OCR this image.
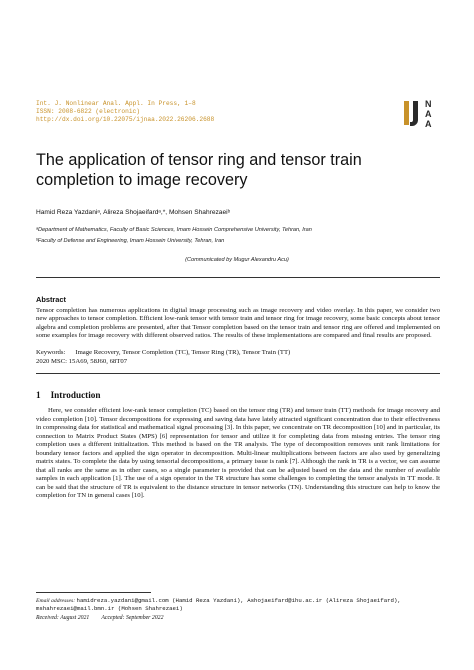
Int. J. Nonlinear Anal. Appl. In Press, 1–8
ISSN: 2008-6822 (electronic)
http://dx.doi.org/10.22075/ijnaa.2022.26206.2688
N
A
A
The application of tensor ring and tensor train completion to image recovery
Hamid Reza Yazdaniᵃ, Alireza Shojaeifardᵃ,*, Mohsen Shahrezaeiᵇ
ᵃDepartment of Mathematics, Faculty of Basic Sciences, Imam Hossein Comprehensive University, Tehran, Iran
ᵇFaculty of Defense and Engineering, Imam Hossein University, Tehran, Iran
(Communicated by Mugur Alexandru Acu)
Abstract

Tensor completion has numerous applications in digital image processing such as image recovery and video overlay. In this paper, we consider two new approaches to tensor completion. Efficient low-rank tensor with tensor train and tensor ring for image recovery, some basic concepts about tensor algebra and completion problems are presented, after that Tensor completion based on the tensor train and tensor ring are offered and implemented on some examples for image recovery with different observed ratios. The results of these implementations are compared and final results are proposed.

Keywords: Image Recovery, Tensor Completion (TC), Tensor Ring (TR), Tensor Train (TT)
2020 MSC: 15A69, 58J60, 68T07
1 Introduction

Here, we consider efficient low-rank tensor completion (TC) based on the tensor ring (TR) and tensor train (TT) methods for image recovery and video completion [10]. Tensor decompositions for expressing and saving data have lately attracted significant concentration due to their effectiveness in compressing data for statistical and mathematical signal processing [3]. In this paper, we concentrate on TR decomposition [10] and in particular, its connection to Matrix Product States (MPS) [6] representation for tensor and utilize it for completing data from missing entries. The tensor ring completion uses a different initialization. This method is based on the TR analysis. The type of decomposition removes unit rank limitations for boundary tensor factors and applied the sign operator in decomposition. Multi-linear multiplications between factors are also used by generalizing matrix states. To complete the data by using tensorial decompositions, a primary issue is rank [7]. Although the rank in TR is a vector, we can assume that all ranks are the same as in other cases, so a single parameter is provided that can be adjusted based on the data and the number of available samples in each application [1]. The use of a sign operator in the TR structure has some challenges to completing the tensor analysis in TT mode. It can be said that the structure of TR is equivalent to the distance structure in tensor networks (TN). Understanding this structure can help to know the completion for TN in general cases [10].

Email addresses: hamidreza.yazdani@gmail.com (Hamid Reza Yazdani), Ashojaeifard@ihu.ac.ir (Alireza Shojaeifard), mshahrezaei@mail.bmn.ir (Mohsen Shahrezaei)

Received: August 2021 Accepted: September 2022
